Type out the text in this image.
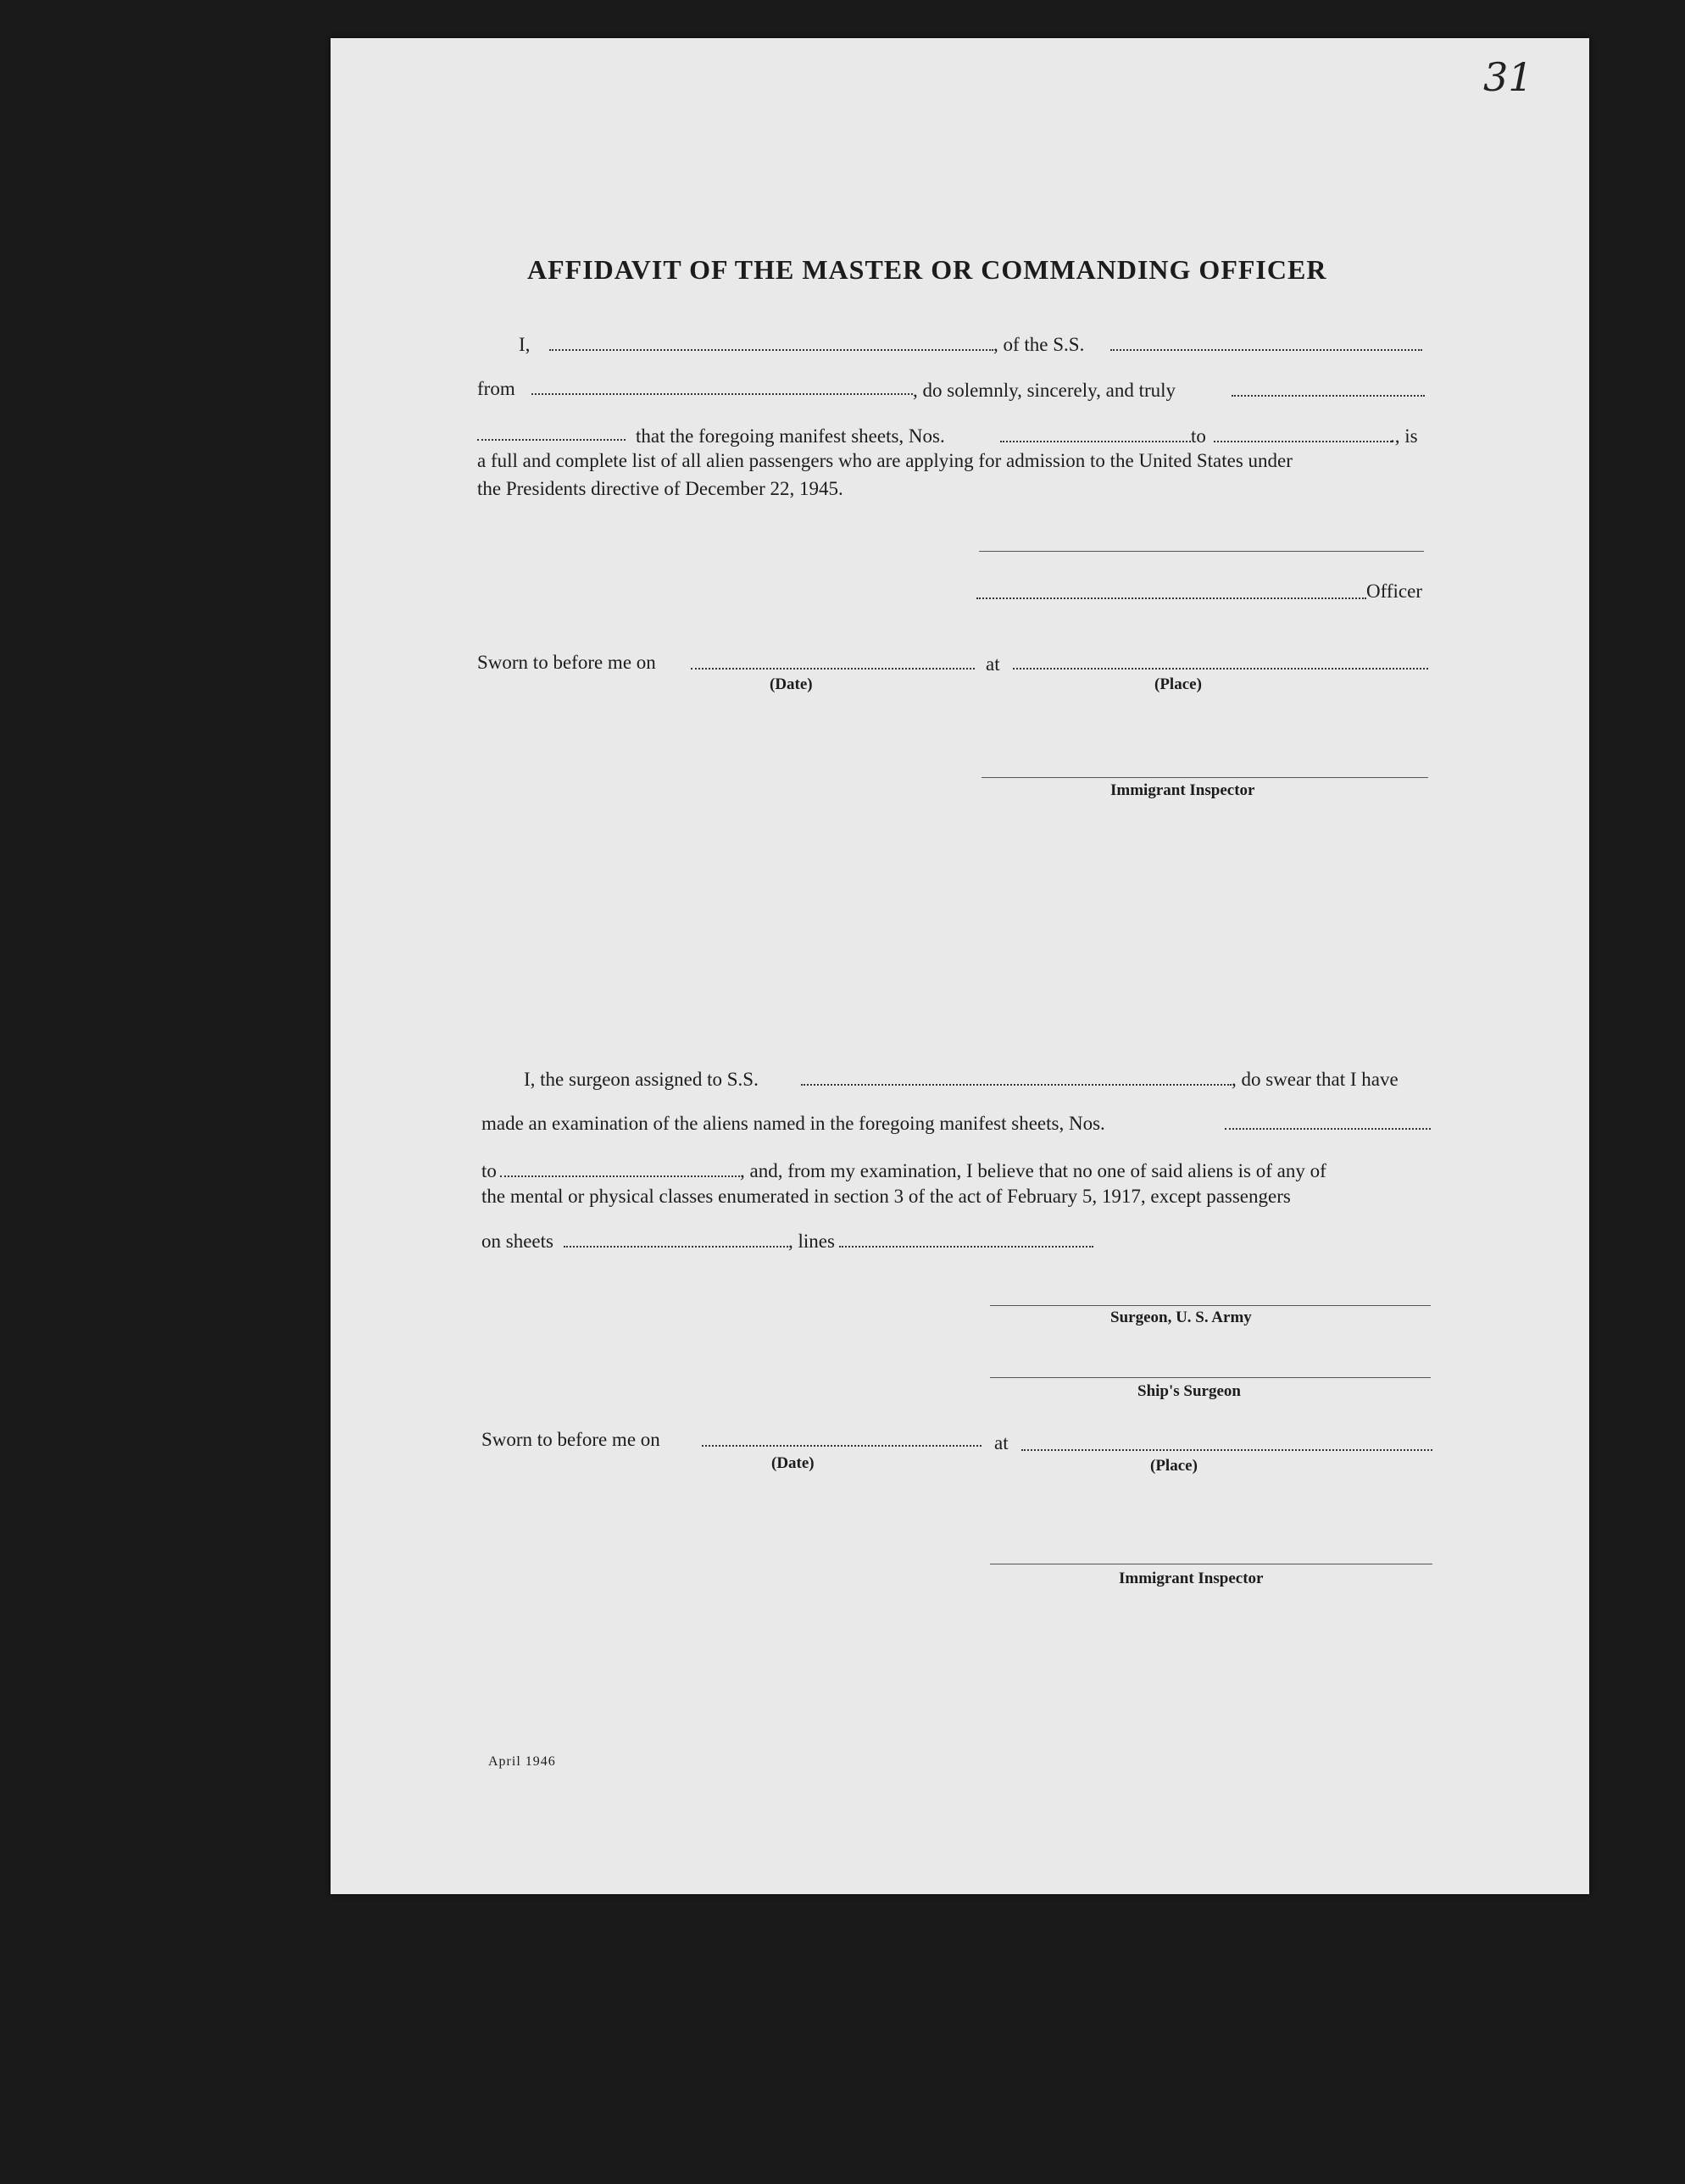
31
AFFIDAVIT OF THE MASTER OR COMMANDING OFFICER
I,	, of the S.S.
from	, do solemnly, sincerely, and truly
that the foregoing manifest sheets, Nos.	to	., is
a full and complete list of all alien passengers who are applying for admission to the United States under
the Presidents directive of December 22, 1945.
Officer
Sworn to before me on	at
(Date)	(Place)
Immigrant Inspector
I, the surgeon assigned to S.S.	, do swear that I have
made an examination of the aliens named in the foregoing manifest sheets, Nos.
to	, and, from my examination, I believe that no one of said aliens is of any of
the mental or physical classes enumerated in section 3 of the act of February 5, 1917, except passengers
on sheets	, lines
Surgeon, U. S. Army
Ship's Surgeon
Sworn to before me on	at
(Date)	(Place)
Immigrant Inspector
April 1946
